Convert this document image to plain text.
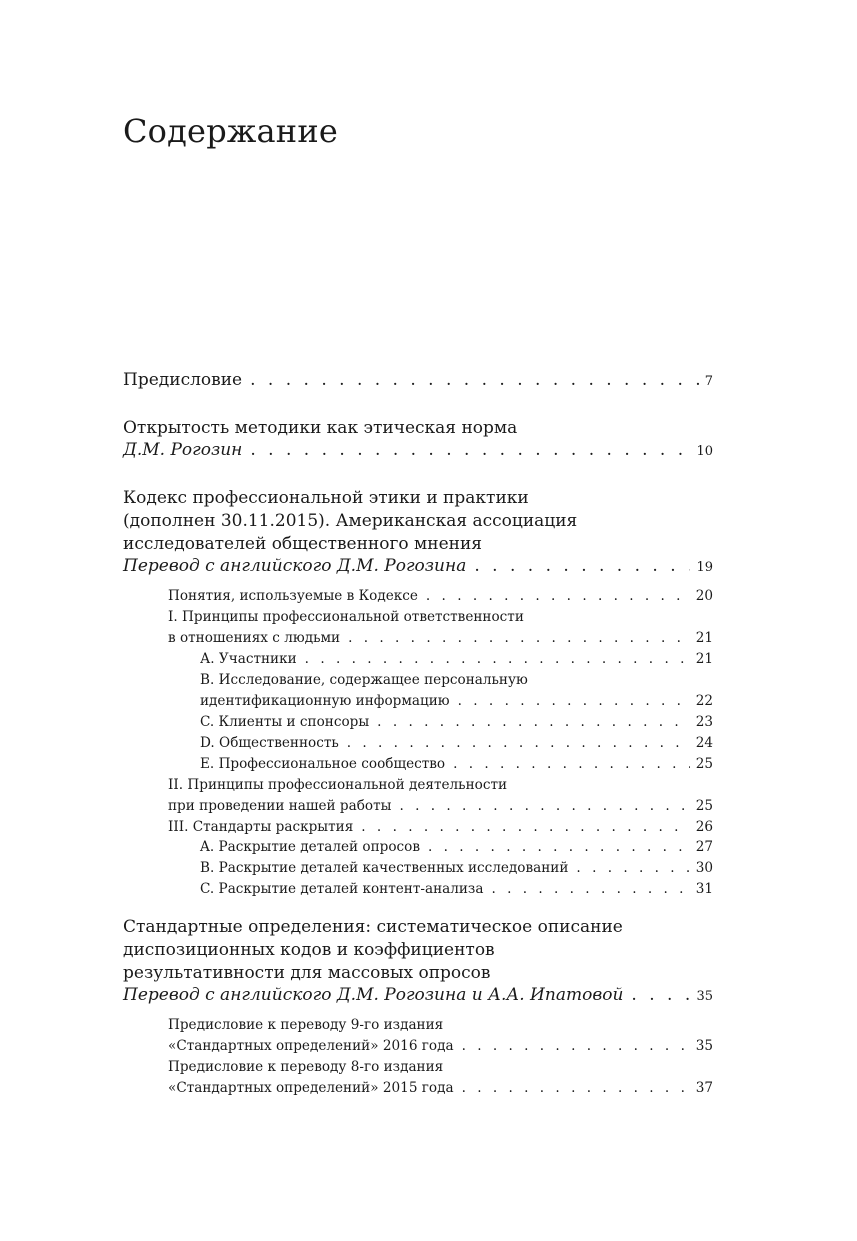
Содержание
Предисловие . . .	7
Открытость методики как этическая норма
Д.М. Рогозин . . .	10
Кодекс профессиональной этики и практики
(дополнен 30.11.2015). Американская ассоциация
исследователей общественного мнения
Перевод с английского Д.М. Рогозина . . .	19
Понятия, используемые в Кодексе . . .	20
I. Принципы профессиональной ответственности
в отношениях с людьми . . .	21
А. Участники . . .	21
B. Исследование, содержащее персональную
идентификационную информацию . . .	22
C. Клиенты и спонсоры . . .	23
D. Общественность . . .	24
E. Профессиональное сообщество . . .	25
II. Принципы профессиональной деятельности
при проведении нашей работы . . .	25
III. Стандарты раскрытия . . .	26
A. Раскрытие деталей опросов . . .	27
B. Раскрытие деталей качественных исследований . . .	30
C. Раскрытие деталей контент-анализа . . .	31
Стандартные определения: систематическое описание
диспозиционных кодов и коэффициентов
результативности для массовых опросов
Перевод с английского Д.М. Рогозина и А.А. Ипатовой . . .	35
Предисловие к переводу 9-го издания
«Стандартных определений» 2016 года . . .	35
Предисловие к переводу 8-го издания
«Стандартных определений» 2015 года . . .	37
